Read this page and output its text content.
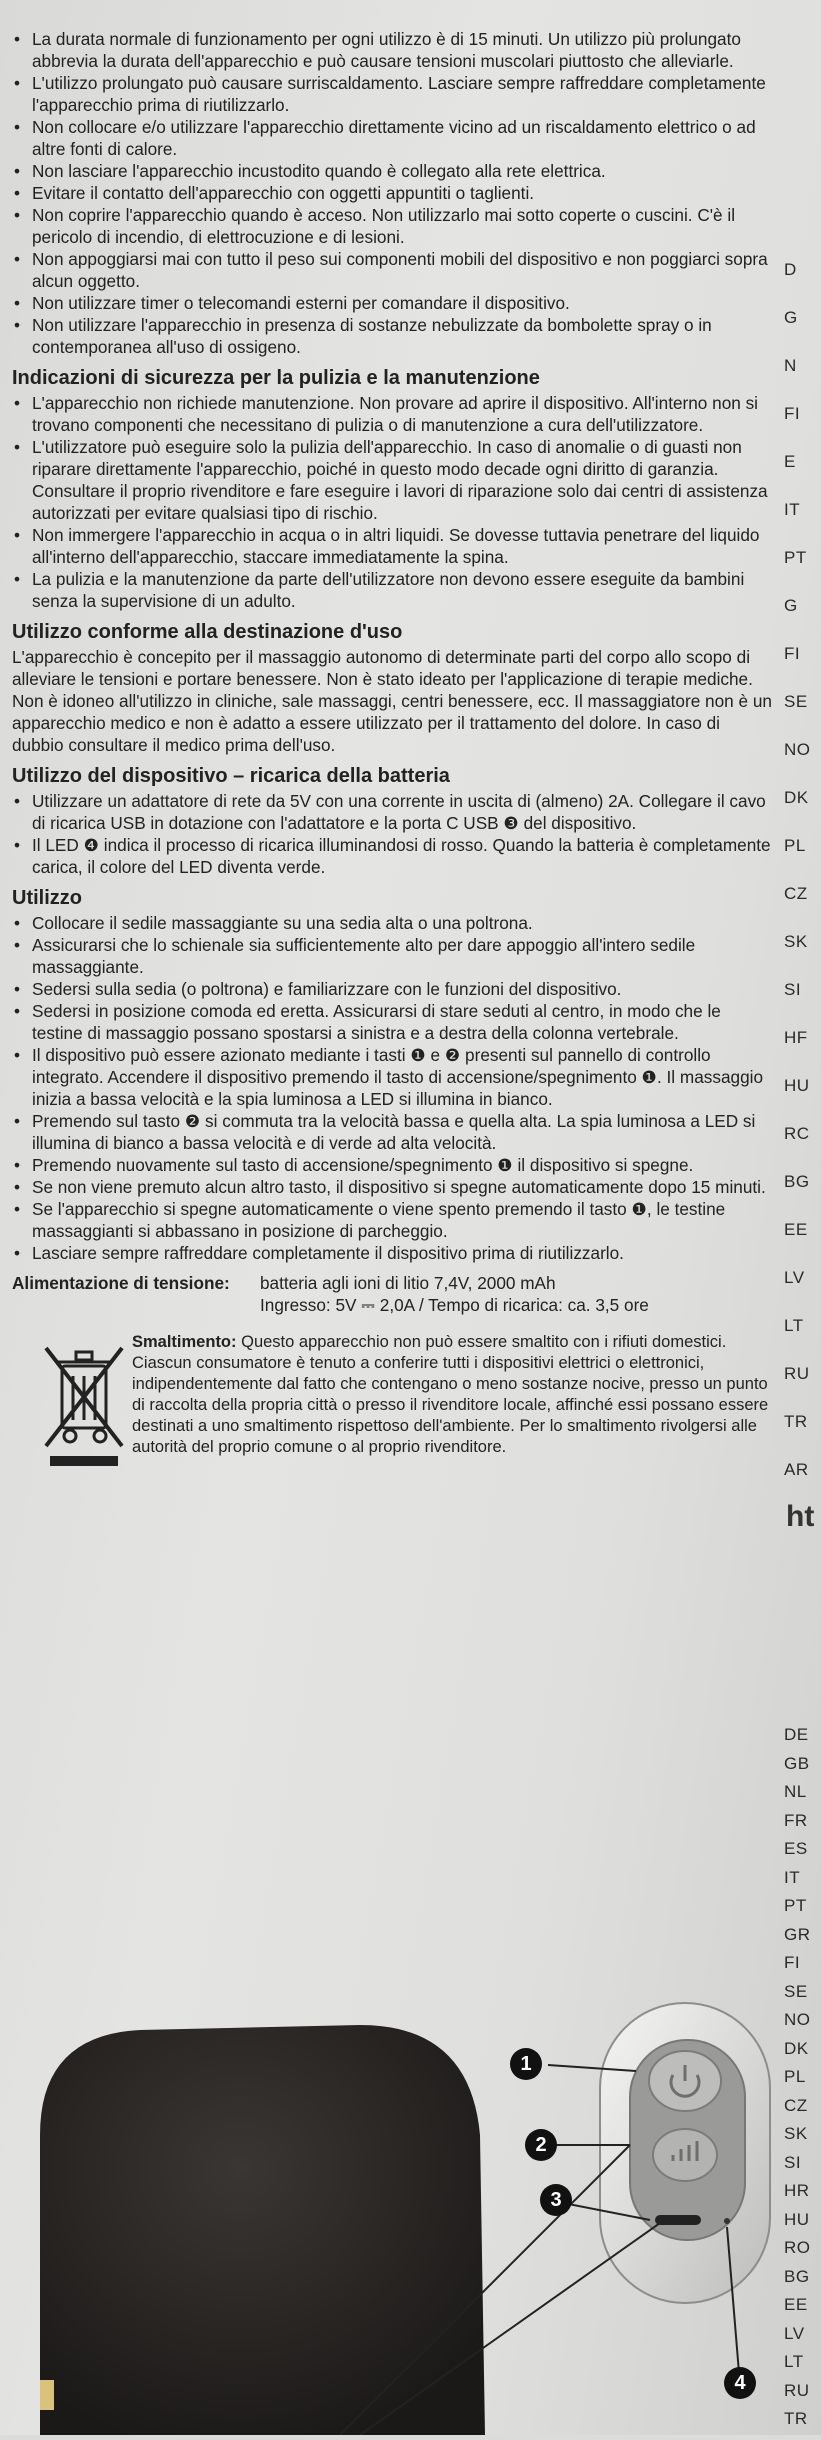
• La durata normale di funzionamento per ogni utilizzo è di 15 minuti. Un utilizzo più prolungato abbrevia la durata dell'apparecchio e può causare tensioni muscolari piuttosto che alleviarle.

• L'utilizzo prolungato può causare surriscaldamento. Lasciare sempre raffreddare completamente l'apparecchio prima di riutilizzarlo.

• Non collocare e/o utilizzare l'apparecchio direttamente vicino ad un riscaldamento elettrico o ad altre fonti di calore.

• Non lasciare l'apparecchio incustodito quando è collegato alla rete elettrica.

• Evitare il contatto dell'apparecchio con oggetti appuntiti o taglienti.

• Non coprire l'apparecchio quando è acceso. Non utilizzarlo mai sotto coperte o cuscini. C'è il pericolo di incendio, di elettrocuzione e di lesioni.

• Non appoggiarsi mai con tutto il peso sui componenti mobili del dispositivo e non poggiarci sopra alcun oggetto.

• Non utilizzare timer o telecomandi esterni per comandare il dispositivo.

• Non utilizzare l'apparecchio in presenza di sostanze nebulizzate da bombolette spray o in contemporanea all'uso di ossigeno.

Indicazioni di sicurezza per la pulizia e la manutenzione

• L'apparecchio non richiede manutenzione. Non provare ad aprire il dispositivo. All'interno non si trovano componenti che necessitano di pulizia o di manutenzione a cura dell'utilizzatore.

• L'utilizzatore può eseguire solo la pulizia dell'apparecchio. In caso di anomalie o di guasti non riparare direttamente l'apparecchio, poiché in questo modo decade ogni diritto di garanzia. Consultare il proprio rivenditore e fare eseguire i lavori di riparazione solo dai centri di assistenza autorizzati per evitare qualsiasi tipo di rischio.

• Non immergere l'apparecchio in acqua o in altri liquidi. Se dovesse tuttavia penetrare del liquido all'interno dell'apparecchio, staccare immediatamente la spina.

• La pulizia e la manutenzione da parte dell'utilizzatore non devono essere eseguite da bambini senza la supervisione di un adulto.

Utilizzo conforme alla destinazione d'uso

L'apparecchio è concepito per il massaggio autonomo di determinate parti del corpo allo scopo di alleviare le tensioni e portare benessere. Non è stato ideato per l'applicazione di terapie mediche. Non è idoneo all'utilizzo in cliniche, sale massaggi, centri benessere, ecc. Il massaggiatore non è un apparecchio medico e non è adatto a essere utilizzato per il trattamento del dolore. In caso di dubbio consultare il medico prima dell'uso.

Utilizzo del dispositivo – ricarica della batteria

• Utilizzare un adattatore di rete da 5V con una corrente in uscita di (almeno) 2A. Collegare il cavo di ricarica USB in dotazione con l'adattatore e la porta C USB ❸ del dispositivo.

• Il LED ❹ indica il processo di ricarica illuminandosi di rosso. Quando la batteria è completamente carica, il colore del LED diventa verde.

Utilizzo

• Collocare il sedile massaggiante su una sedia alta o una poltrona.

• Assicurarsi che lo schienale sia sufficientemente alto per dare appoggio all'intero sedile massaggiante.

• Sedersi sulla sedia (o poltrona) e familiarizzare con le funzioni del dispositivo.

• Sedersi in posizione comoda ed eretta. Assicurarsi di stare seduti al centro, in modo che le testine di massaggio possano spostarsi a sinistra e a destra della colonna vertebrale.

• Il dispositivo può essere azionato mediante i tasti ❶ e ❷ presenti sul pannello di controllo integrato. Accendere il dispositivo premendo il tasto di accensione/spegnimento ❶. Il massaggio inizia a bassa velocità e la spia luminosa a LED si illumina in bianco.

• Premendo sul tasto ❷ si commuta tra la velocità bassa e quella alta. La spia luminosa a LED si illumina di bianco a bassa velocità e di verde ad alta velocità.

• Premendo nuovamente sul tasto di accensione/spegnimento ❶ il dispositivo si spegne.

• Se non viene premuto alcun altro tasto, il dispositivo si spegne automaticamente dopo 15 minuti.

• Se l'apparecchio si spegne automaticamente o viene spento premendo il tasto ❶, le testine massaggianti si abbassano in posizione di parcheggio.

• Lasciare sempre raffreddare completamente il dispositivo prima di riutilizzarlo.

Alimentazione di tensione: batteria agli ioni di litio 7,4V, 2000 mAh
Ingresso: 5V ⎓ 2,0A / Tempo di ricarica: ca. 3,5 ore
Smaltimento: Questo apparecchio non può essere smaltito con i rifiuti domestici. Ciascun consumatore è tenuto a conferire tutti i dispositivi elettrici o elettronici, indipendentemente dal fatto che contengano o meno sostanze nocive, presso un punto di raccolta della propria città o presso il rivenditore locale, affinché essi possano essere destinati a uno smaltimento rispettoso dell'ambiente. Per lo smaltimento rivolgersi alle autorità del proprio comune o al proprio rivenditore.
D
G
N
FI
E
IT
PT
G
FI
SE
NO
DK
PL
CZ
SK
SI
HF
HU
RC
BG
EE
LV
LT
RU
TR
AR
DE
GB
NL
FR
ES
IT
PT
GR
FI
SE
NO
DK
PL
CZ
SK
SI
HR
HU
RO
BG
EE
LV
LT
RU
TR
1
2
3
4
ht
